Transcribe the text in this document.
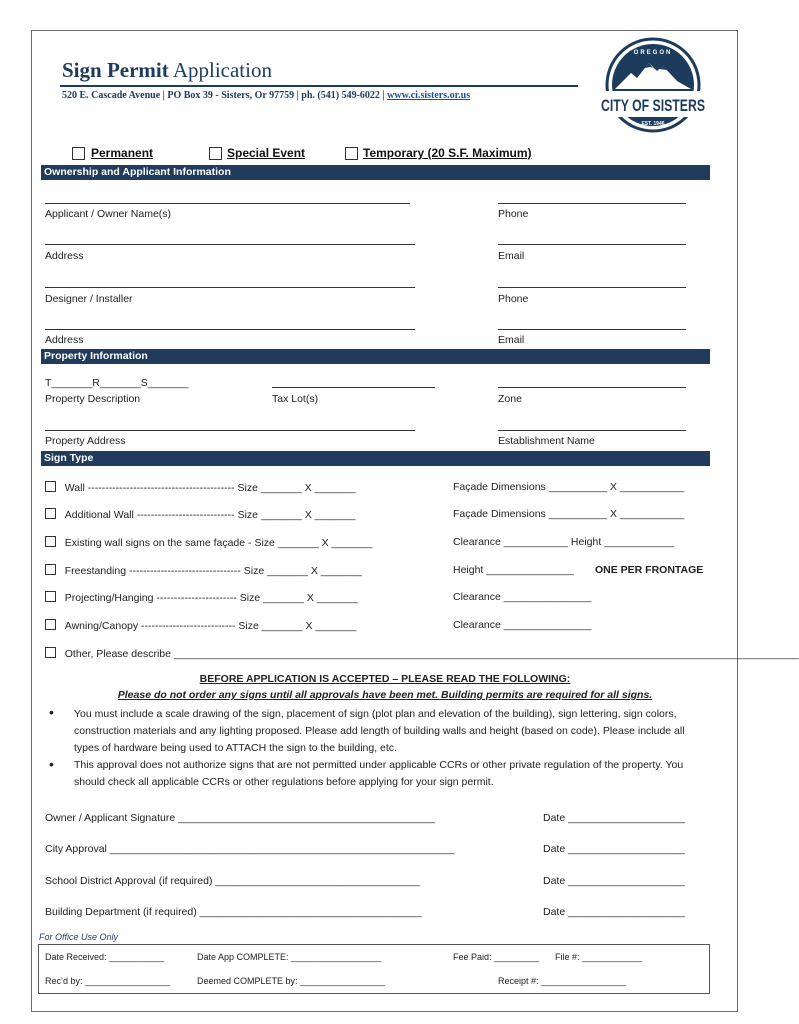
Sign Permit Application
520 E. Cascade Avenue | PO Box 39 - Sisters, Or 97759 | ph. (541) 549-6022 | www.ci.sisters.or.us
CITY OF SISTERS
OREGON
EST. 1946
Permanent	Special Event	Temporary (20 S.F. Maximum)
Ownership and Applicant Information
Applicant / Owner Name(s)	Phone
Address	Email
Designer / Installer	Phone
Address	Email
Property Information
T_______R_______S_______
Property Description	Tax Lot(s)	Zone
Property Address	Establishment Name
Sign Type
Wall ------------------------------------------ Size _______ X _______	Façade Dimensions __________ X ___________
Additional Wall ---------------------------- Size _______ X _______	Façade Dimensions __________ X ___________
Existing wall signs on the same façade - Size _______ X _______	Clearance ___________ Height ____________
Freestanding -------------------------------- Size _______ X _______	Height _______________ ONE PER FRONTAGE
Projecting/Hanging ----------------------- Size _______ X _______	Clearance _______________
Awning/Canopy --------------------------- Size _______ X _______	Clearance _______________
Other, Please describe ___________________________________________________________________________________________________________
BEFORE APPLICATION IS ACCEPTED – PLEASE READ THE FOLLOWING:
Please do not order any signs until all approvals have been met. Building permits are required for all signs.
• You must include a scale drawing of the sign, placement of sign (plot plan and elevation of the building), sign lettering, sign colors, construction materials and any lighting proposed. Please add length of building walls and height (based on code). Please include all types of hardware being used to ATTACH the sign to the building, etc.
• This approval does not authorize signs that are not permitted under applicable CCRs or other private regulation of the property. You should check all applicable CCRs or other regulations before applying for your sign permit.
Owner / Applicant Signature ____________________________________________	Date ____________________
City Approval ___________________________________________________________	Date ____________________
School District Approval (if required) ___________________________________	Date ____________________
Building Department (if required) ______________________________________	Date ____________________
For Office Use Only
Date Received: ___________	Date App COMPLETE: __________________	Fee Paid: _________ File #: ____________
Rec’d by: _________________	Deemed COMPLETE by: _________________	Receipt #: _________________
